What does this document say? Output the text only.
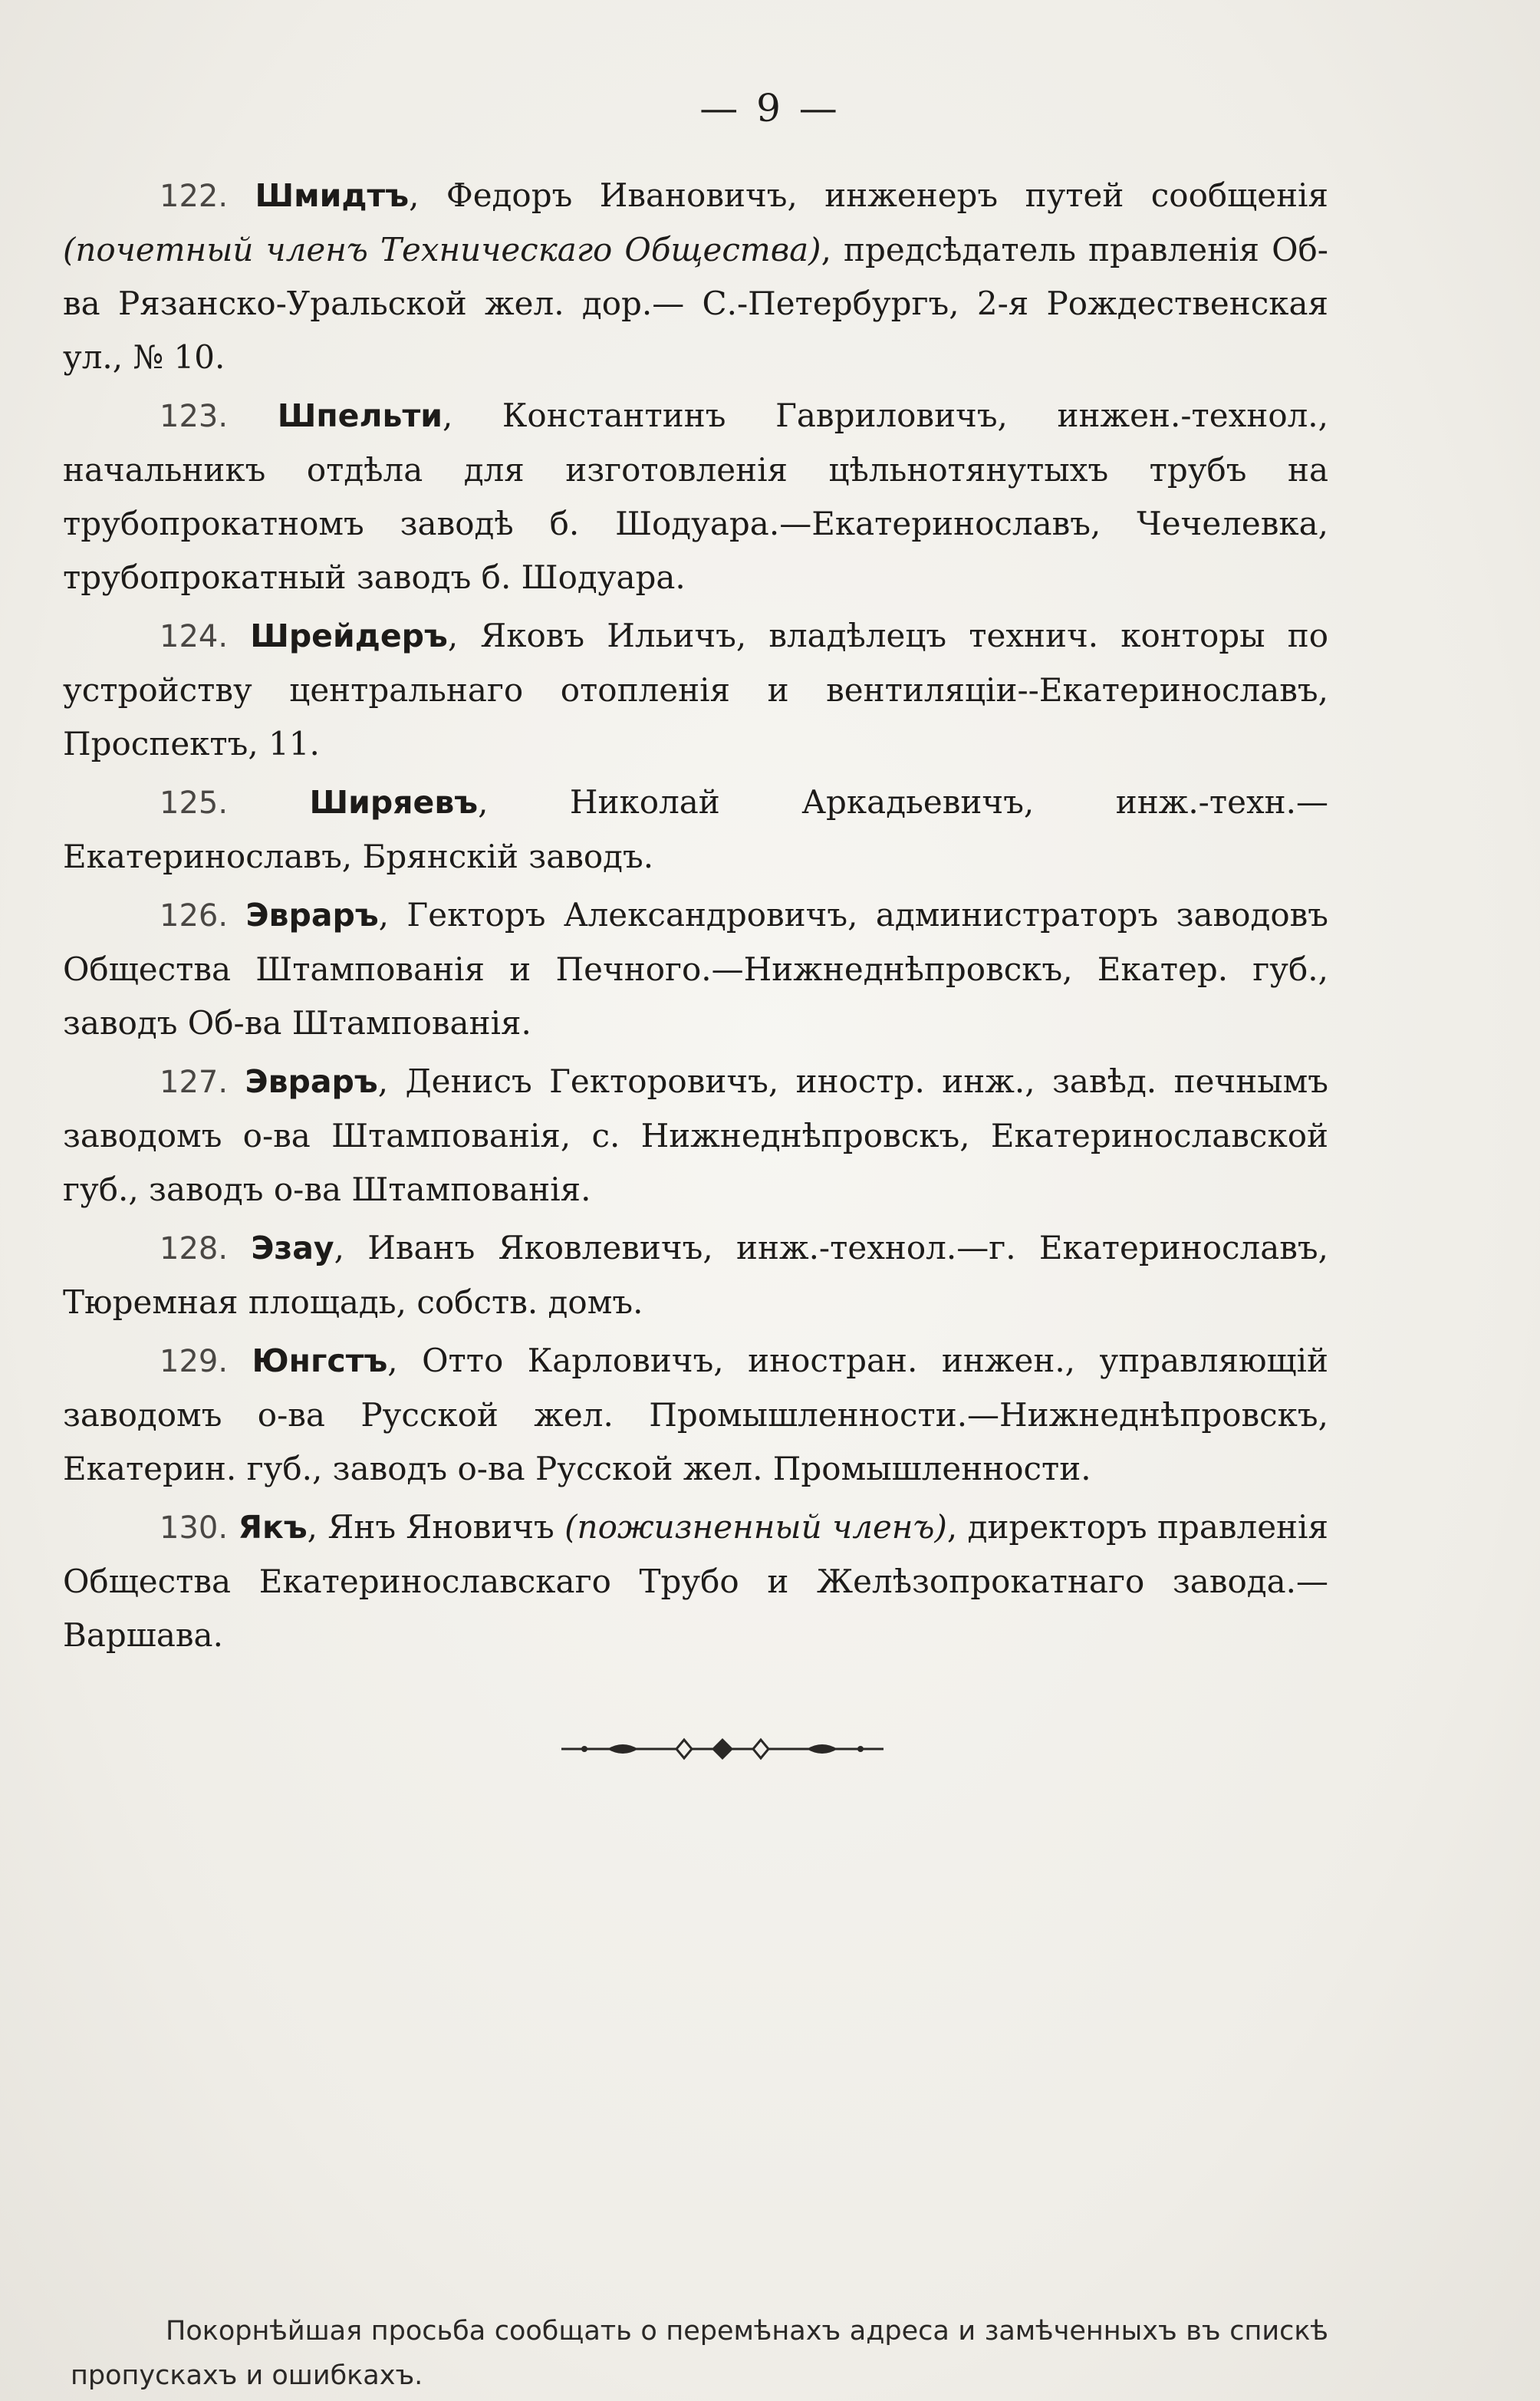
— 9 —

122. Шмидтъ, Федоръ Ивановичъ, инженеръ путей сообщенія (почетный членъ Техническаго Общества), предсѣдатель правленія Об-ва Рязанско-Уральской жел. дор.— С.-Петербургъ, 2-я Рождественская ул., № 10.

123. Шпельти, Константинъ Гавриловичъ, инжен.-технол., начальникъ отдѣла для изготовленія цѣльнотянутыхъ трубъ на трубопрокатномъ заводѣ б. Шодуара.—Екатеринославъ, Чечелевка, трубопрокатный заводъ б. Шодуара.

124. Шрейдеръ, Яковъ Ильичъ, владѣлецъ технич. конторы по устройству центральнаго отопленія и вентиляціи--Екатеринославъ, Проспектъ, 11.

125.	Ширяевъ, Николай Аркадьевичъ, инж.-техн.—Екатеринославъ, Брянскій заводъ.

126. Эвраръ, Гекторъ Александровичъ, администраторъ заводовъ Общества Штампованія и Печного.—Нижнеднѣпровскъ, Екатер. губ., заводъ Об-ва Штампованія.

127. Эвраръ, Денисъ Гекторовичъ, иностр. инж., завѣд. печнымъ заводомъ о-ва Штампованія, с. Нижнеднѣпровскъ, Екатеринославской губ., заводъ о-ва Штампованія.

128. Эзау, Иванъ Яковлевичъ, инж.-технол.—г. Екатеринославъ, Тюремная площадь, собств. домъ.

129. Юнгстъ, Отто Карловичъ, иностран. инжен., управляющій заводомъ о-ва Русской жел. Промышленности.—Нижнеднѣпровскъ, Екатерин. губ., заводъ о-ва Русской жел. Промышленности.

130. Якъ, Янъ Яновичъ (пожизненный членъ), директоръ правленія Общества Екатеринославскаго Трубо и Желѣзопрокатнаго завода.—Варшава.

Покорнѣйшая просьба сообщать о перемѣнахъ адреса и замѣченныхъ въ спискѣ пропускахъ и ошибкахъ.
